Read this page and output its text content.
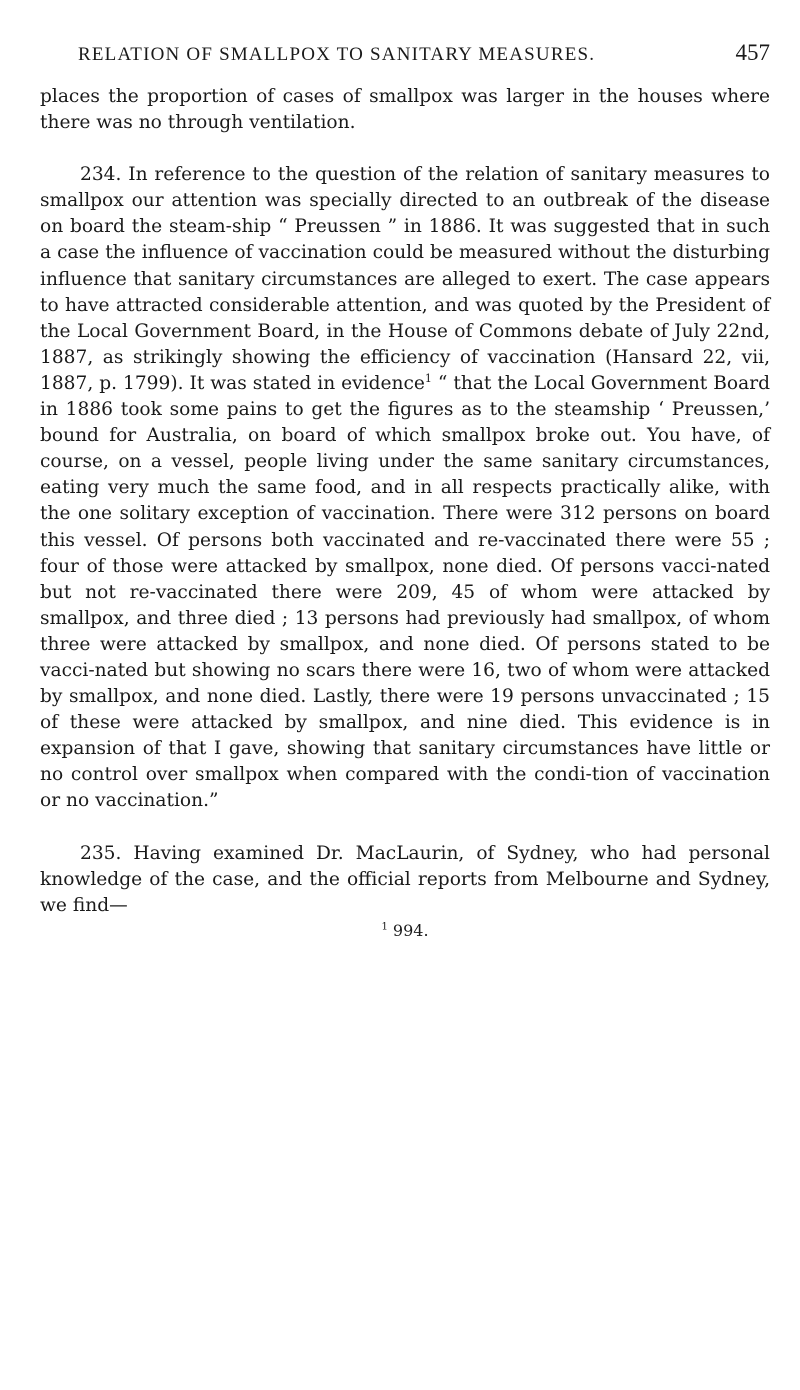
RELATION OF SMALLPOX TO SANITARY MEASURES.	457

places the proportion of cases of smallpox was larger in the houses where there was no through ventilation.

234. In reference to the question of the relation of sanitary measures to smallpox our attention was specially directed to an outbreak of the disease on board the steam-ship “ Preussen ” in 1886. It was suggested that in such a case the influence of vaccination could be measured without the disturbing influence that sanitary circumstances are alleged to exert. The case appears to have attracted considerable attention, and was quoted by the President of the Local Government Board, in the House of Commons debate of July 22nd, 1887, as strikingly showing the efficiency of vaccination (Hansard 22, vii, 1887, p. 1799). It was stated in evidence$^1$ “ that the Local Government Board in 1886 took some pains to get the figures as to the steamship ‘ Preussen,’ bound for Australia, on board of which smallpox broke out. You have, of course, on a vessel, people living under the same sanitary circumstances, eating very much the same food, and in all respects practically alike, with the one solitary exception of vaccination. There were 312 persons on board this vessel. Of persons both vaccinated and re-vaccinated there were 55 ; four of those were attacked by smallpox, none died. Of persons vacci-nated but not re-vaccinated there were 209, 45 of whom were attacked by smallpox, and three died ; 13 persons had previously had smallpox, of whom three were attacked by smallpox, and none died. Of persons stated to be vacci-nated but showing no scars there were 16, two of whom were attacked by smallpox, and none died. Lastly, there were 19 persons unvaccinated ; 15 of these were attacked by smallpox, and nine died. This evidence is in expansion of that I gave, showing that sanitary circumstances have little or no control over smallpox when compared with the condi-tion of vaccination or no vaccination.”

235. Having examined Dr. MacLaurin, of Sydney, who had personal knowledge of the case, and the official reports from Melbourne and Sydney, we find—

$^1$ 994.
